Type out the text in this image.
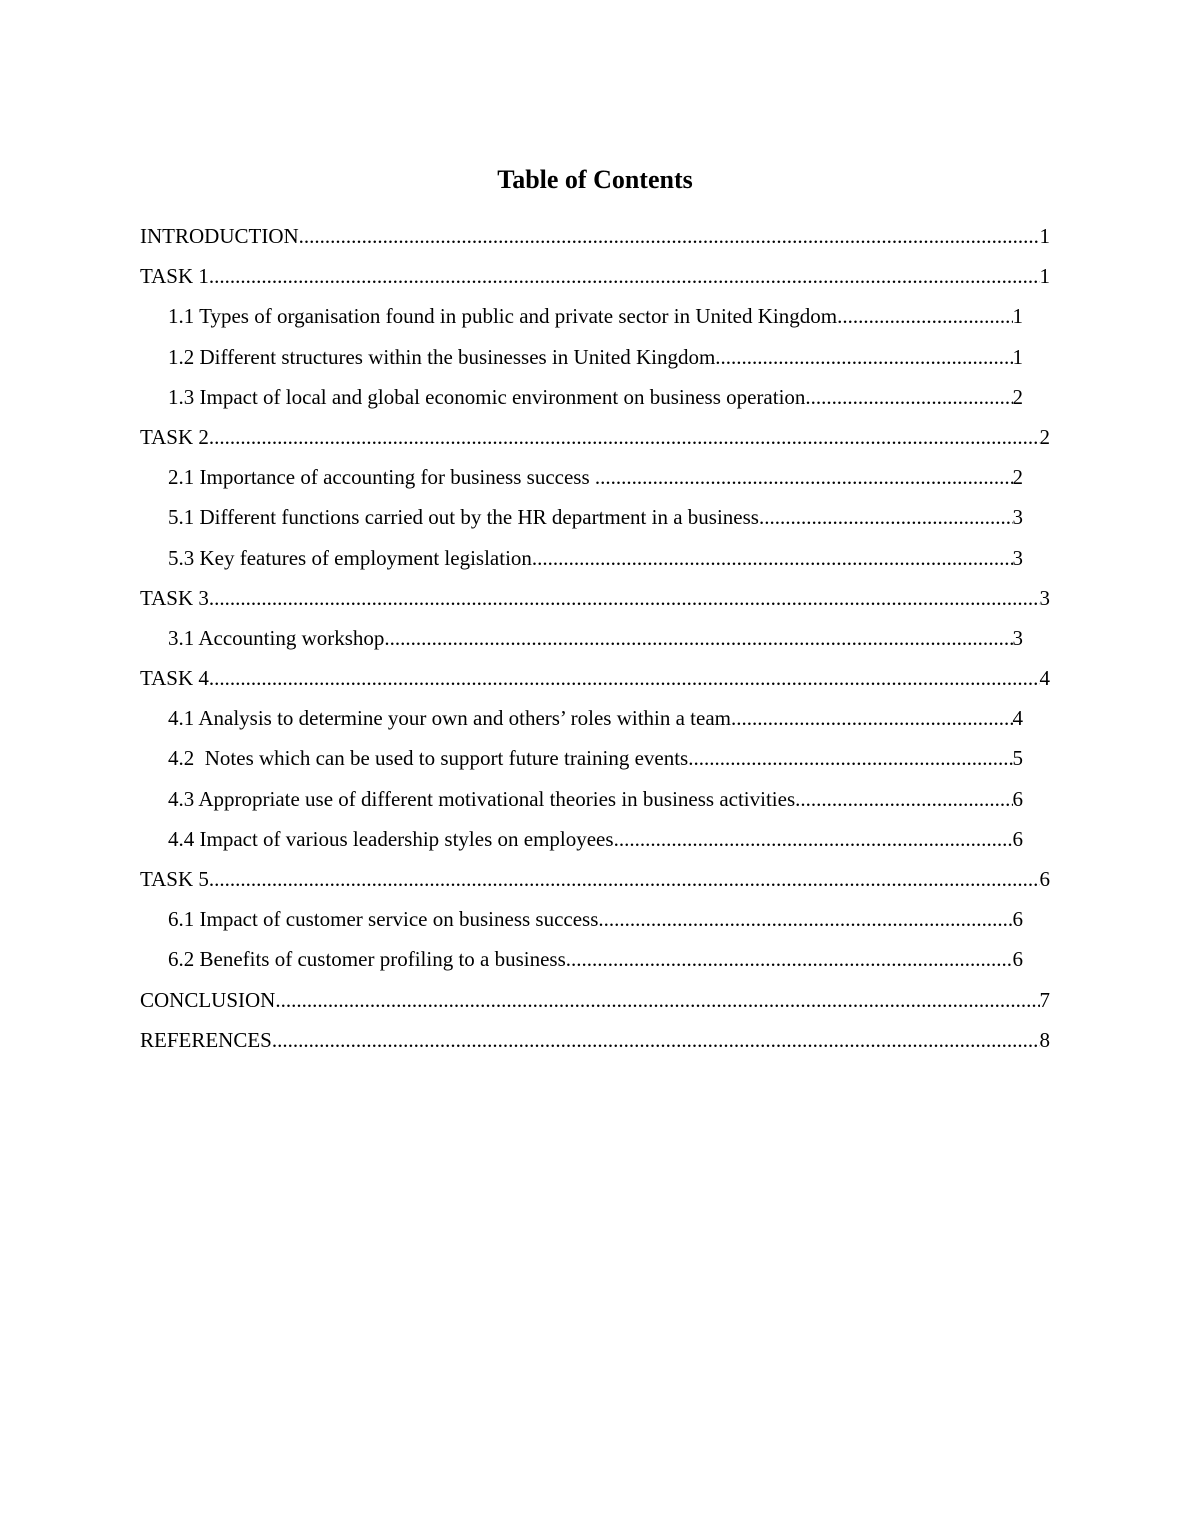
Table of Contents
INTRODUCTION .....	1
TASK 1 .....	1
1.1 Types of organisation found in public and private sector in United Kingdom .....	1
1.2 Different structures within the businesses in United Kingdom .....	1
1.3 Impact of local and global economic environment on business operation .....	2
TASK 2 .....	2
2.1 Importance of accounting for business success .....	2
5.1 Different functions carried out by the HR department in a business .....	3
5.3 Key features of employment legislation .....	3
TASK 3 .....	3
3.1 Accounting workshop .....	3
TASK 4 .....	4
4.1 Analysis to determine your own and others’ roles within a team .....	4
4.2  Notes which can be used to support future training events .....	5
4.3 Appropriate use of different motivational theories in business activities .....	6
4.4 Impact of various leadership styles on employees .....	6
TASK 5 .....	6
6.1 Impact of customer service on business success .....	6
6.2 Benefits of customer profiling to a business .....	6
CONCLUSION .....	7
REFERENCES .....	8
